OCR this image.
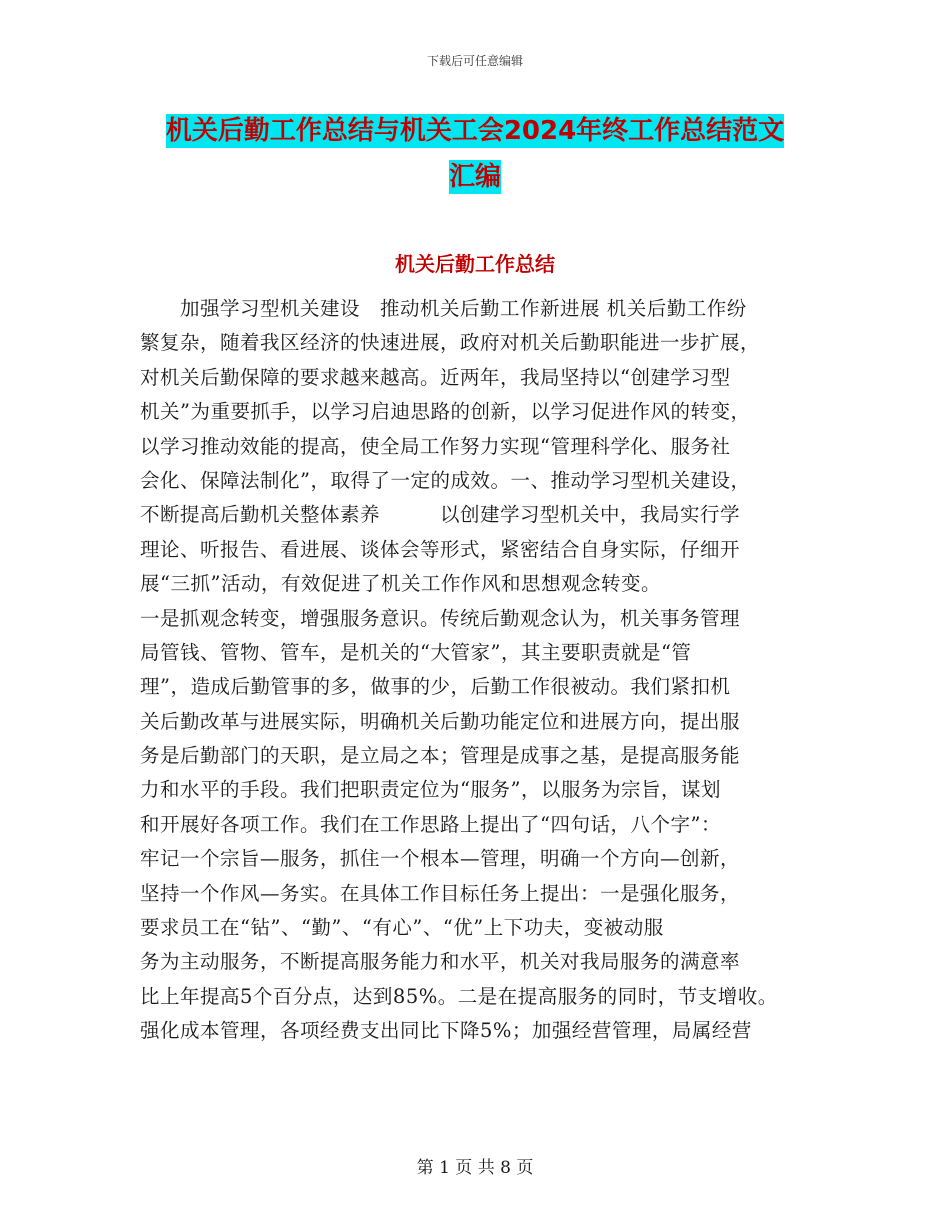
下载后可任意编辑
机关后勤工作总结与机关工会2024年终工作总结范文
汇编
机关后勤工作总结
　　加强学习型机关建设　推动机关后勤工作新进展 机关后勤工作纷
繁复杂，随着我区经济的快速进展，政府对机关后勤职能进一步扩展，
对机关后勤保障的要求越来越高。近两年，我局坚持以“创建学习型
机关”为重要抓手，以学习启迪思路的创新，以学习促进作风的转变，
以学习推动效能的提高，使全局工作努力实现“管理科学化、服务社
会化、保障法制化”，取得了一定的成效。一、推动学习型机关建设，
不断提高后勤机关整体素养　　　以创建学习型机关中，我局实行学
理论、听报告、看进展、谈体会等形式，紧密结合自身实际，仔细开
展“三抓”活动，有效促进了机关工作作风和思想观念转变。
一是抓观念转变，增强服务意识。传统后勤观念认为，机关事务管理
局管钱、管物、管车，是机关的“大管家”，其主要职责就是“管
理”，造成后勤管事的多，做事的少，后勤工作很被动。我们紧扣机
关后勤改革与进展实际，明确机关后勤功能定位和进展方向，提出服
务是后勤部门的天职，是立局之本；管理是成事之基，是提高服务能
力和水平的手段。我们把职责定位为“服务”，以服务为宗旨，谋划
和开展好各项工作。我们在工作思路上提出了“四句话，八个字”：
牢记一个宗旨—服务，抓住一个根本—管理，明确一个方向—创新，
坚持一个作风—务实。在具体工作目标任务上提出：一是强化服务，
要求员工在“钻”、“勤”、“有心”、“优”上下功夫，变被动服
务为主动服务，不断提高服务能力和水平，机关对我局服务的满意率
比上年提高5个百分点，达到85%。二是在提高服务的同时，节支增收。
强化成本管理，各项经费支出同比下降5%；加强经营管理，局属经营
第 1 页 共 8 页
